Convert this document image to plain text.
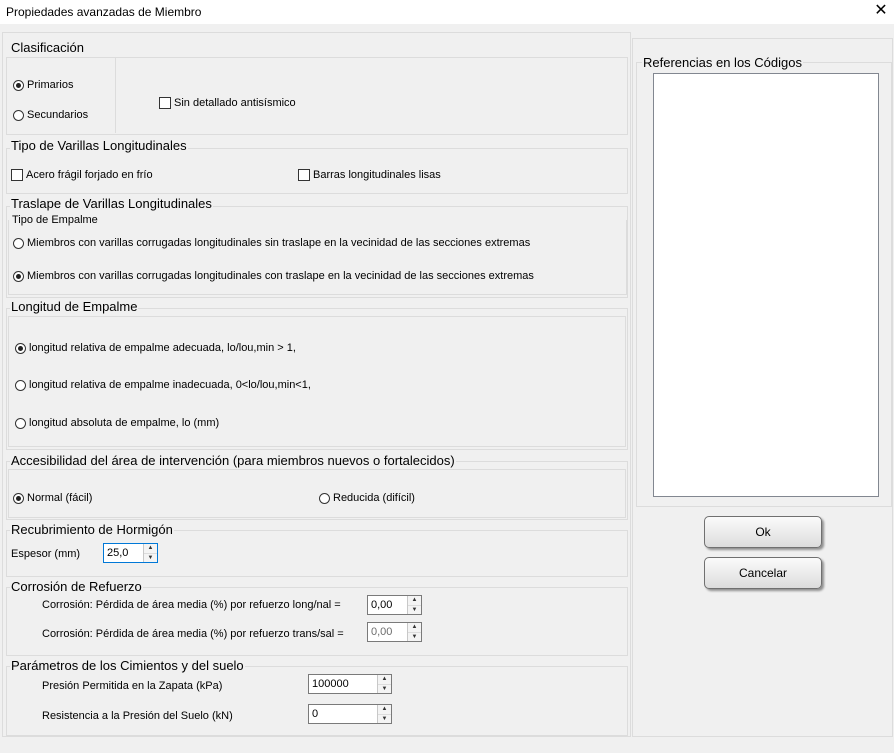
Propiedades avanzadas de Miembro	✕
Clasificación
Primarios
Secundarios
Sin detallado antisísmico
Tipo de Varillas Longitudinales
Acero frágil forjado en frío	Barras longitudinales lisas
Traslape de Varillas Longitudinales
Tipo de Empalme
Miembros con varillas corrugadas longitudinales sin traslape en la vecinidad de las secciones extremas
Miembros con varillas corrugadas longitudinales con traslape en la vecinidad de las secciones extremas
Longitud de Empalme
longitud relativa de empalme adecuada, lo/lou,min > 1,
longitud relativa de empalme inadecuada, 0<lo/lou,min<1,
longitud absoluta de empalme, lo (mm)
Accesibilidad del área de intervención (para miembros nuevos o fortalecidos)
Normal (fácil)	Reducida (difícil)
Recubrimiento de Hormigón
Espesor (mm) 25,0	▲
▼
Corrosión de Refuerzo
Corrosión: Pérdida de área media (%) por refuerzo long/nal =	0,00	▲
▼
Corrosión: Pérdida de área media (%) por refuerzo trans/sal = 0,00	▲
▼
Parámetros de los Cimientos y del suelo
Presión Permitida en la Zapata (kPa)	100000	▲
▼
Resistencia a la Presión del Suelo (kN)	0	▲
▼
Referencias en los Códigos
Ok
Cancelar
